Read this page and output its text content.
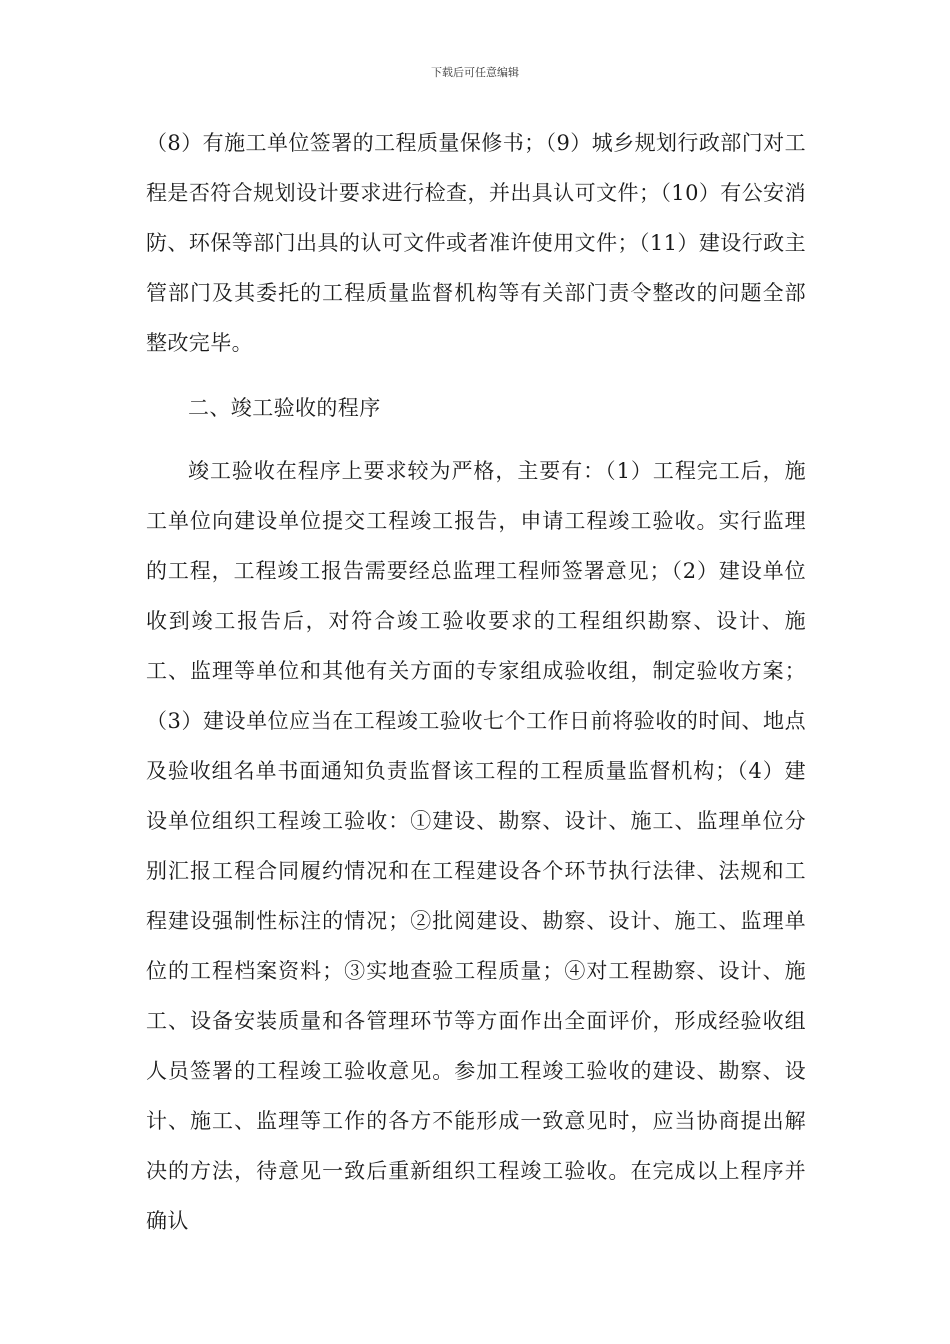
下载后可任意编辑

（8）有施工单位签署的工程质量保修书；（9）城乡规划行政部门对工程是否符合规划设计要求进行检查，并出具认可文件；（10）有公安消防、环保等部门出具的认可文件或者准许使用文件；（11）建设行政主管部门及其委托的工程质量监督机构等有关部门责令整改的问题全部整改完毕。

二、竣工验收的程序

竣工验收在程序上要求较为严格，主要有：（1）工程完工后，施工单位向建设单位提交工程竣工报告，申请工程竣工验收。实行监理的工程，工程竣工报告需要经总监理工程师签署意见；（2）建设单位收到竣工报告后，对符合竣工验收要求的工程组织勘察、设计、施工、监理等单位和其他有关方面的专家组成验收组，制定验收方案；（3）建设单位应当在工程竣工验收七个工作日前将验收的时间、地点及验收组名单书面通知负责监督该工程的工程质量监督机构；（4）建设单位组织工程竣工验收：①建设、勘察、设计、施工、监理单位分别汇报工程合同履约情况和在工程建设各个环节执行法律、法规和工程建设强制性标注的情况；②批阅建设、勘察、设计、施工、监理单位的工程档案资料；③实地查验工程质量；④对工程勘察、设计、施工、设备安装质量和各管理环节等方面作出全面评价，形成经验收组人员签署的工程竣工验收意见。参加工程竣工验收的建设、勘察、设计、施工、监理等工作的各方不能形成一致意见时，应当协商提出解决的方法，待意见一致后重新组织工程竣工验收。在完成以上程序并确认
